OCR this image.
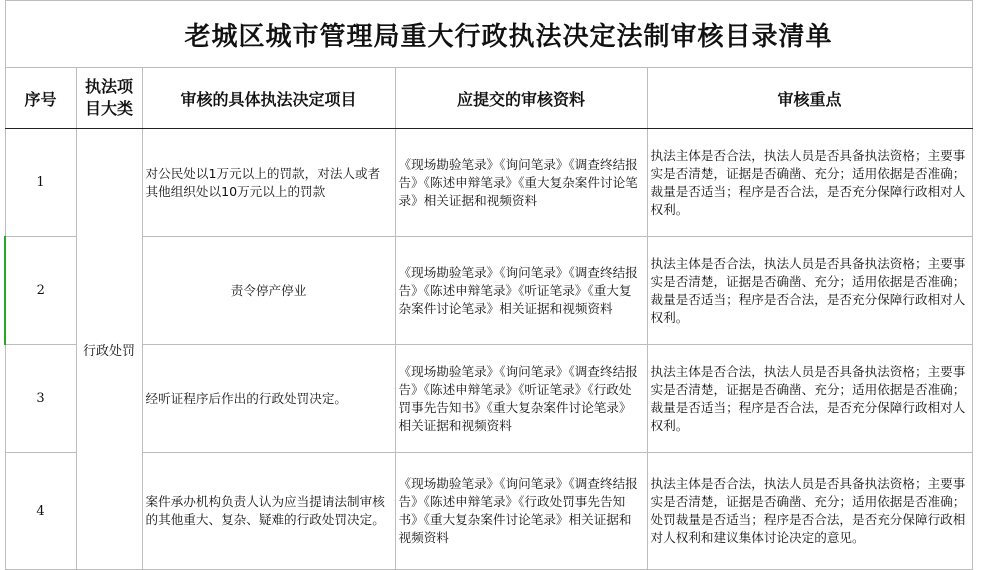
老城区城市管理局重大行政执法决定法制审核目录清单				
序号	执法项目大类	审核的具体执法决定项目	应提交的审核资料	审核重点
1	行政处罚	对公民处以1万元以上的罚款，对法人或者其他组织处以10万元以上的罚款	《现场勘验笔录》《询问笔录》《调查终结报告》《陈述申辩笔录》《重大复杂案件讨论笔录》相关证据和视频资料	执法主体是否合法，执法人员是否具备执法资格；主要事实是否清楚，证据是否确凿、充分；适用依据是否准确；裁量是否适当；程序是否合法，是否充分保障行政相对人权利。
2		责令停产停业	《现场勘验笔录》《询问笔录》《调查终结报告》《陈述申辩笔录》《听证笔录》《重大复杂案件讨论笔录》相关证据和视频资料	执法主体是否合法，执法人员是否具备执法资格；主要事实是否清楚，证据是否确凿、充分；适用依据是否准确；裁量是否适当；程序是否合法，是否充分保障行政相对人权利。
3		经听证程序后作出的行政处罚决定。	《现场勘验笔录》《询问笔录》《调查终结报告》《陈述申辩笔录》《听证笔录》《行政处罚事先告知书》《重大复杂案件讨论笔录》相关证据和视频资料	执法主体是否合法，执法人员是否具备执法资格；主要事实是否清楚，证据是否确凿、充分；适用依据是否准确；裁量是否适当；程序是否合法，是否充分保障行政相对人权利。
4		案件承办机构负责人认为应当提请法制审核的其他重大、复杂、疑难的行政处罚决定。	《现场勘验笔录》《询问笔录》《调查终结报告》《陈述申辩笔录》《行政处罚事先告知书》《重大复杂案件讨论笔录》相关证据和视频资料	执法主体是否合法，执法人员是否具备执法资格；主要事实是否清楚，证据是否确凿、充分；适用依据是否准确；处罚裁量是否适当；程序是否合法，是否充分保障行政相对人权利和建议集体讨论决定的意见。
